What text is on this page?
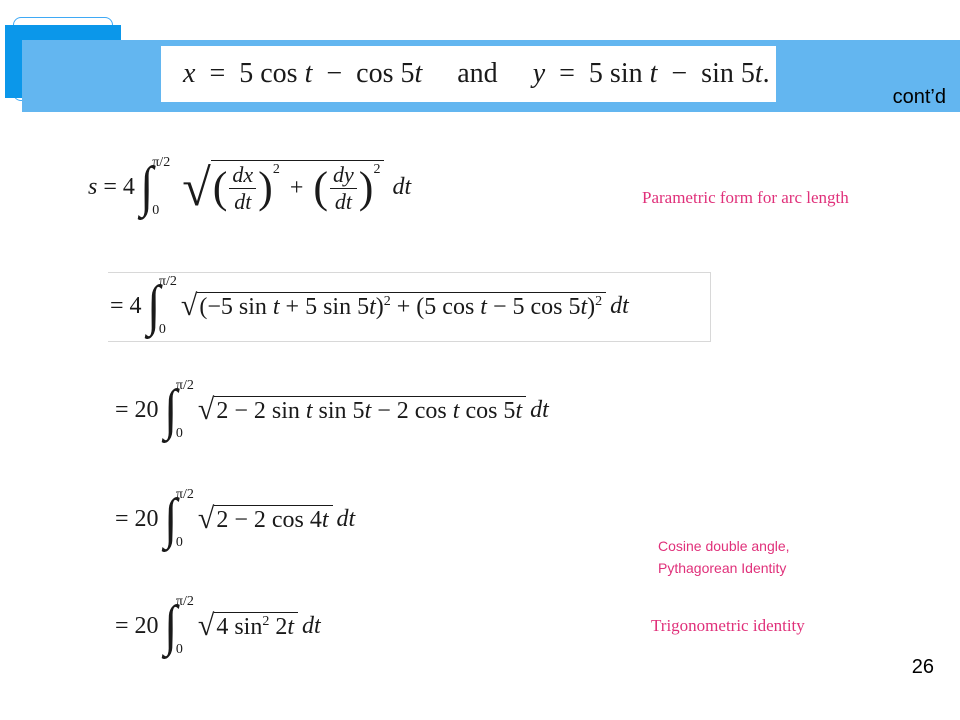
x  =  5 cos t  −  cos 5t     and     y  =  5 sin t  −  sin 5t.
cont’d
s = 4 ∫ π/2
0 √ ( $\frac{dx}{dt} )^2$
+ ( $\frac{dy}{dt} )^2$
dt	Parametric form for arc length
= 4 ∫ π/2
0
√ (−5 sin t + 5 sin 5t)$^2$ + (5 cos t − 5 cos 5t)$^2$ dt
= 20 ∫ π/2
0
√ 2 − 2 sin t sin 5t − 2 cos t cos 5t dt
= 20 ∫ π/2
0
√ 2 − 2 cos 4t dt
Cosine double angle,
Pythagorean Identity
= 20 ∫ π/2
0
√ 4 $\sin^2 2t$ dt	Trigonometric identity
26
